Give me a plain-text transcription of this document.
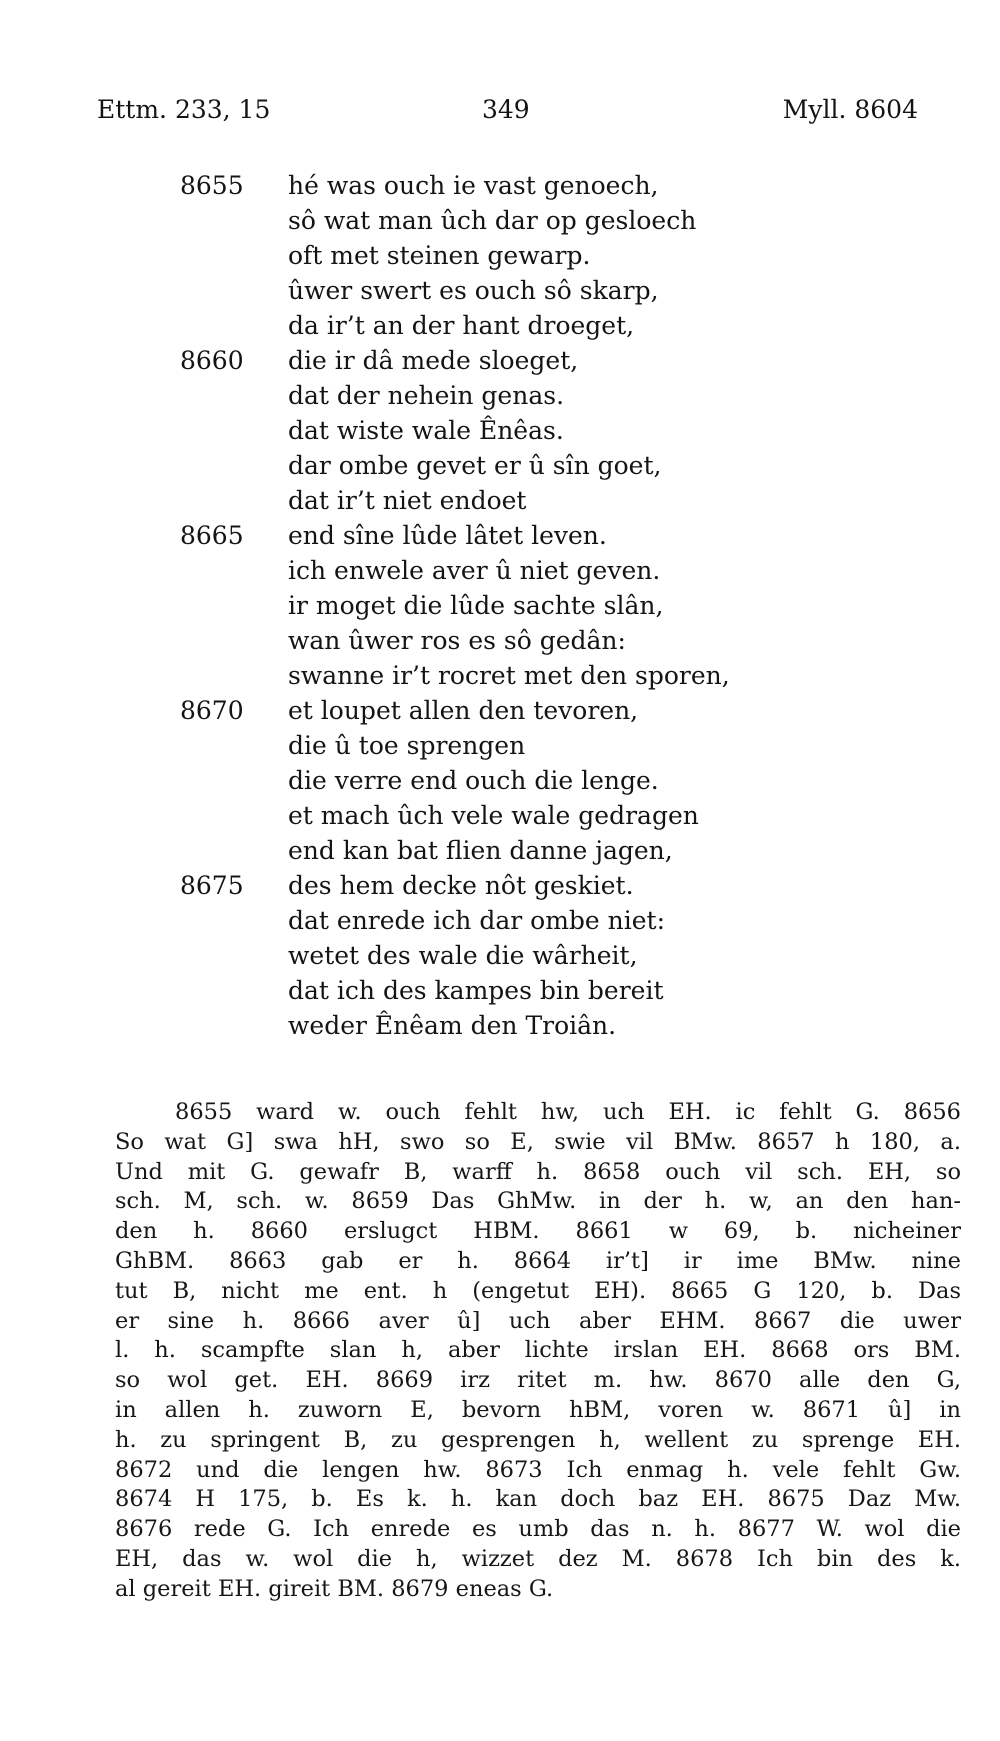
Ettm. 233, 15	349	Myll. 8604
8655	hé was ouch ie vast genoech,
sô wat man ûch dar op gesloech
oft met steinen gewarp.
ûwer swert es ouch sô skarp,
da ir’t an der hant droeget,
8660	die ir dâ mede sloeget,
dat der nehein genas.
dat wiste wale Ênêas.
dar ombe gevet er û sîn goet,
dat ir’t niet endoet
8665	end sîne lûde lâtet leven.
ich enwele aver û niet geven.
ir moget die lûde sachte slân,
wan ûwer ros es sô gedân:
swanne ir’t rocret met den sporen,
8670	et loupet allen den tevoren,
die û toe sprengen
die verre end ouch die lenge.
et mach ûch vele wale gedragen
end kan bat flien danne jagen,
8675	des hem decke nôt geskiet.
dat enrede ich dar ombe niet:
wetet des wale die wârheit,
dat ich des kampes bin bereit
weder Ênêam den Troiân.
8655 ward w. ouch fehlt hw, uch EH. ic fehlt G. 8656
So wat G] swa hH, swo so E, swie vil BMw. 8657 h 180, a.
Und mit G. gewafr B, warff h. 8658 ouch vil sch. EH, so
sch. M, sch. w. 8659 Das GhMw. in der h. w, an den han-
den h. 8660 erslugct HBM. 8661 w 69, b. nicheiner
GhBM. 8663 gab er h. 8664 ir’t] ir ime BMw. nine
tut B, nicht me ent. h (engetut EH). 8665 G 120, b. Das
er sine h. 8666 aver û] uch aber EHM. 8667 die uwer
l. h. scampfte slan h, aber lichte irslan EH. 8668 ors BM.
so wol get. EH. 8669 irz ritet m. hw. 8670 alle den G,
in allen h. zuworn E, bevorn hBM, voren w. 8671 û] in
h. zu springent B, zu gesprengen h, wellent zu sprenge EH.
8672 und die lengen hw. 8673 Ich enmag h. vele fehlt Gw.
8674 H 175, b. Es k. h. kan doch baz EH. 8675 Daz Mw.
8676 rede G. Ich enrede es umb das n. h. 8677 W. wol die
EH, das w. wol die h, wizzet dez M. 8678 Ich bin des k.
al gereit EH. gireit BM. 8679 eneas G.
